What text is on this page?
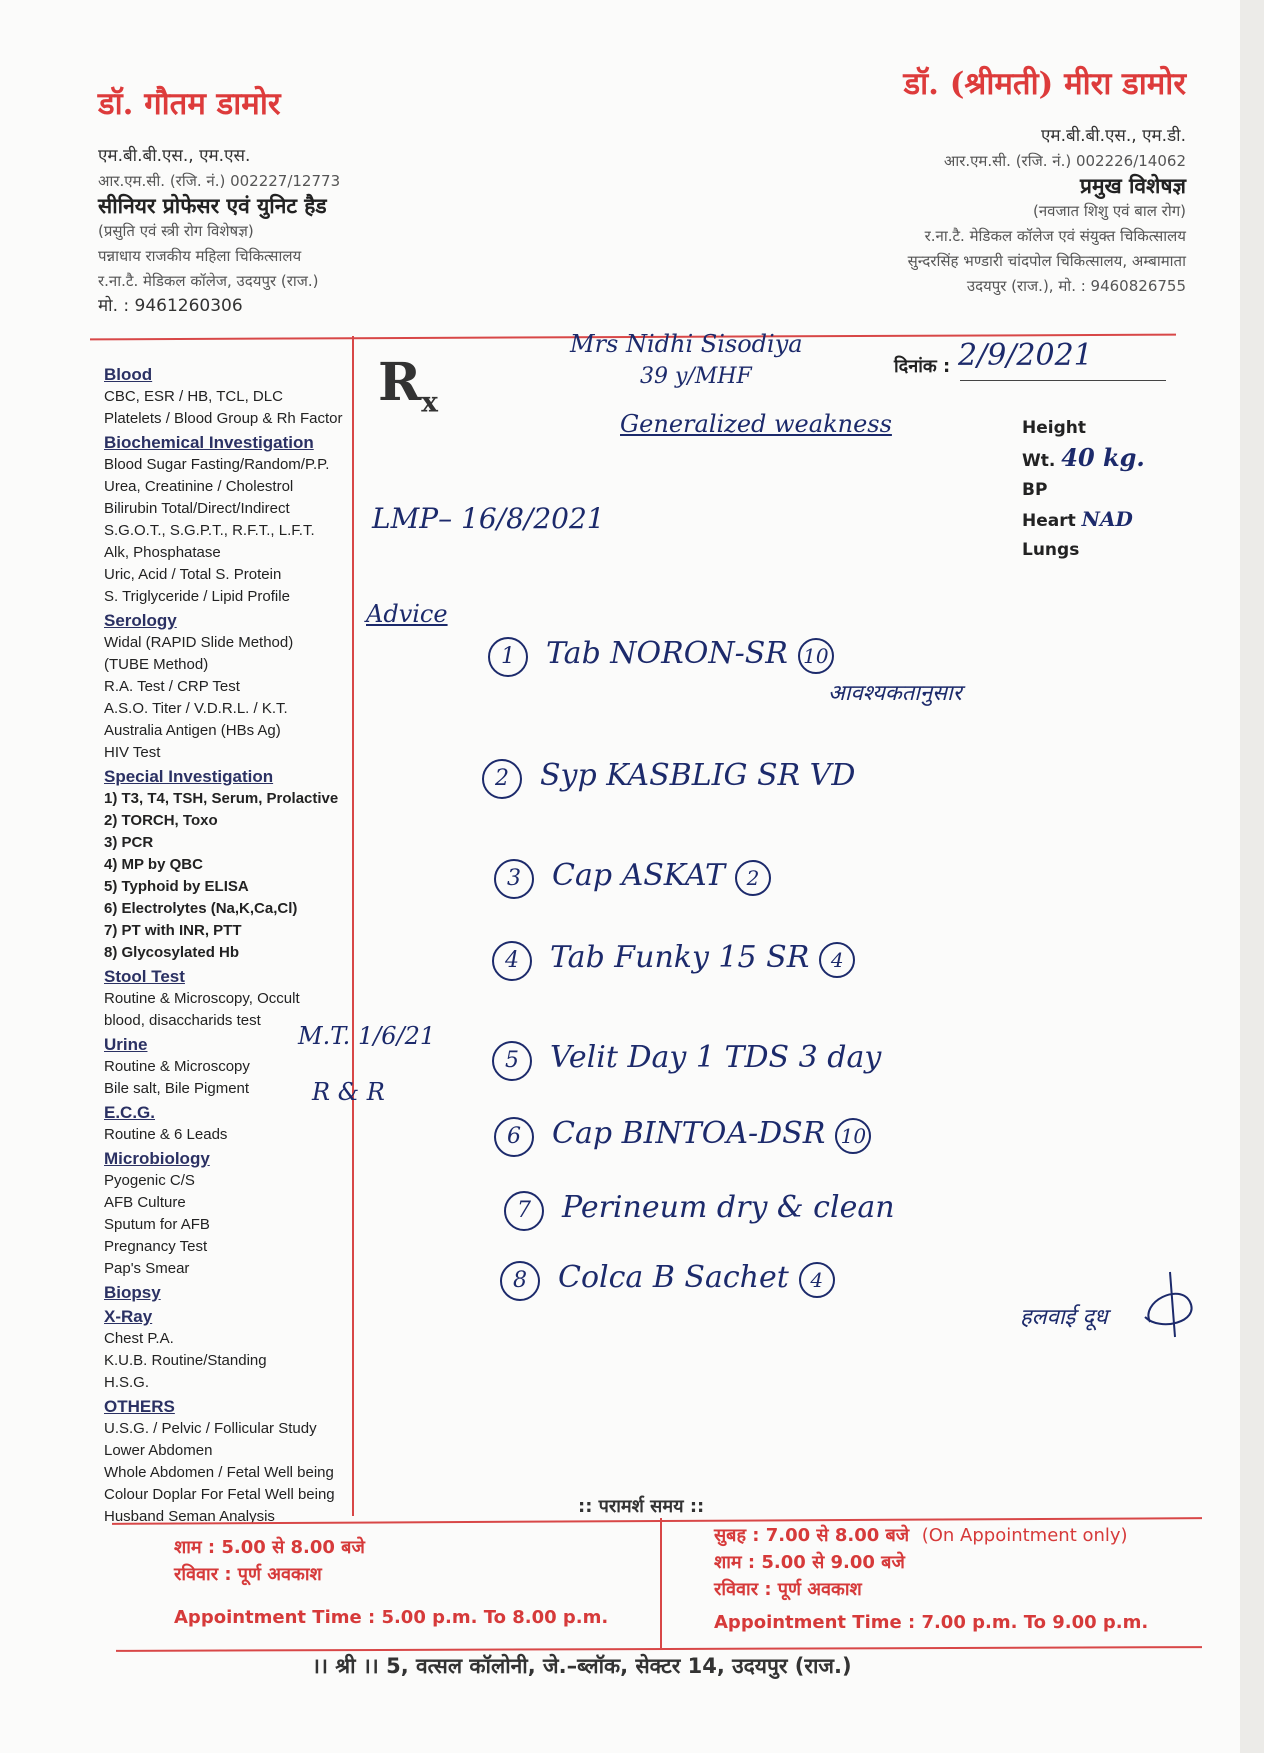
डॉ. गौतम डामोर
एम.बी.बी.एस., एम.एस.
आर.एम.सी. (रजि. नं.) 002227/12773
सीनियर प्रोफेसर एवं युनिट हैड
(प्रसुति एवं स्त्री रोग विशेषज्ञ)
पन्नाधाय राजकीय महिला चिकित्सालय
र.ना.टै. मेडिकल कॉलेज, उदयपुर (राज.)
मो. : 9461260306
डॉ. (श्रीमती) मीरा डामोर
एम.बी.बी.एस., एम.डी.
आर.एम.सी. (रजि. नं.) 002226/14062
प्रमुख विशेषज्ञ
(नवजात शिशु एवं बाल रोग)
र.ना.टै. मेडिकल कॉलेज एवं संयुक्त चिकित्सालय
सुन्दरसिंह भण्डारी चांदपोल चिकित्सालय, अम्बामाता
उदयपुर (राज.), मो. : 9460826755
Blood
CBC, ESR / HB, TCL, DLC
Platelets / Blood Group & Rh Factor
Biochemical Investigation
Blood Sugar Fasting/Random/P.P.
Urea, Creatinine / Cholestrol
Bilirubin Total/Direct/Indirect
S.G.O.T., S.G.P.T., R.F.T., L.F.T.
Alk, Phosphatase
Uric, Acid / Total S. Protein
S. Triglyceride / Lipid Profile
Serology
Widal (RAPID Slide Method)
(TUBE Method)
R.A. Test / CRP Test
A.S.O. Titer / V.D.R.L. / K.T.
Australia Antigen (HBs Ag)
HIV Test
Special Investigation
1) T3, T4, TSH, Serum, Prolactive
2) TORCH, Toxo
3) PCR
4) MP by QBC
5) Typhoid by ELISA
6) Electrolytes (Na,K,Ca,Cl)
7) PT with INR, PTT
8) Glycosylated Hb
Stool Test
Routine & Microscopy, Occult
blood, disaccharids test
Urine
Routine & Microscopy
Bile salt, Bile Pigment
E.C.G.
Routine & 6 Leads
Microbiology
Pyogenic C/S
AFB Culture
Sputum for AFB
Pregnancy Test
Pap's Smear
Biopsy
X-Ray
Chest P.A.
K.U.B. Routine/Standing
H.S.G.
OTHERS
U.S.G. / Pelvic / Follicular Study
Lower Abdomen
Whole Abdomen / Fetal Well being
Colour Doplar For Fetal Well being
Husband Seman Analysis
$R_x$
दिनांक : 2/9/2021
Height
Wt. 40 kg.
BP
Heart NAD
Lungs
Mrs Nidhi Sisodiya
39 y/MHF
Generalized weakness
LMP– 16/8/2021
Advice
1 Tab NORON-SR 10
आवश्यकतानुसार
2 Syp KASBLIG SR VD
3 Cap ASKAT 2
4 Tab Funky 15 SR 4
5 Velit Day 1 TDS 3 day
6 Cap BINTOA-DSR 10
7 Perineum dry & clean
8 Colca B Sachet 4
हलवाई दूध
M.T. 1/6/21
R & R
:: परामर्श समय ::
शाम : 5.00 से 8.00 बजे
रविवार : पूर्ण अवकाश
Appointment Time : 5.00 p.m. To 8.00 p.m.
सुबह : 7.00 से 8.00 बजे (On Appointment only)
शाम : 5.00 से 9.00 बजे
रविवार : पूर्ण अवकाश
Appointment Time : 7.00 p.m. To 9.00 p.m.
।। श्री ।। 5, वत्सल कॉलोनी, जे.–ब्लॉक, सेक्टर 14, उदयपुर (राज.)
